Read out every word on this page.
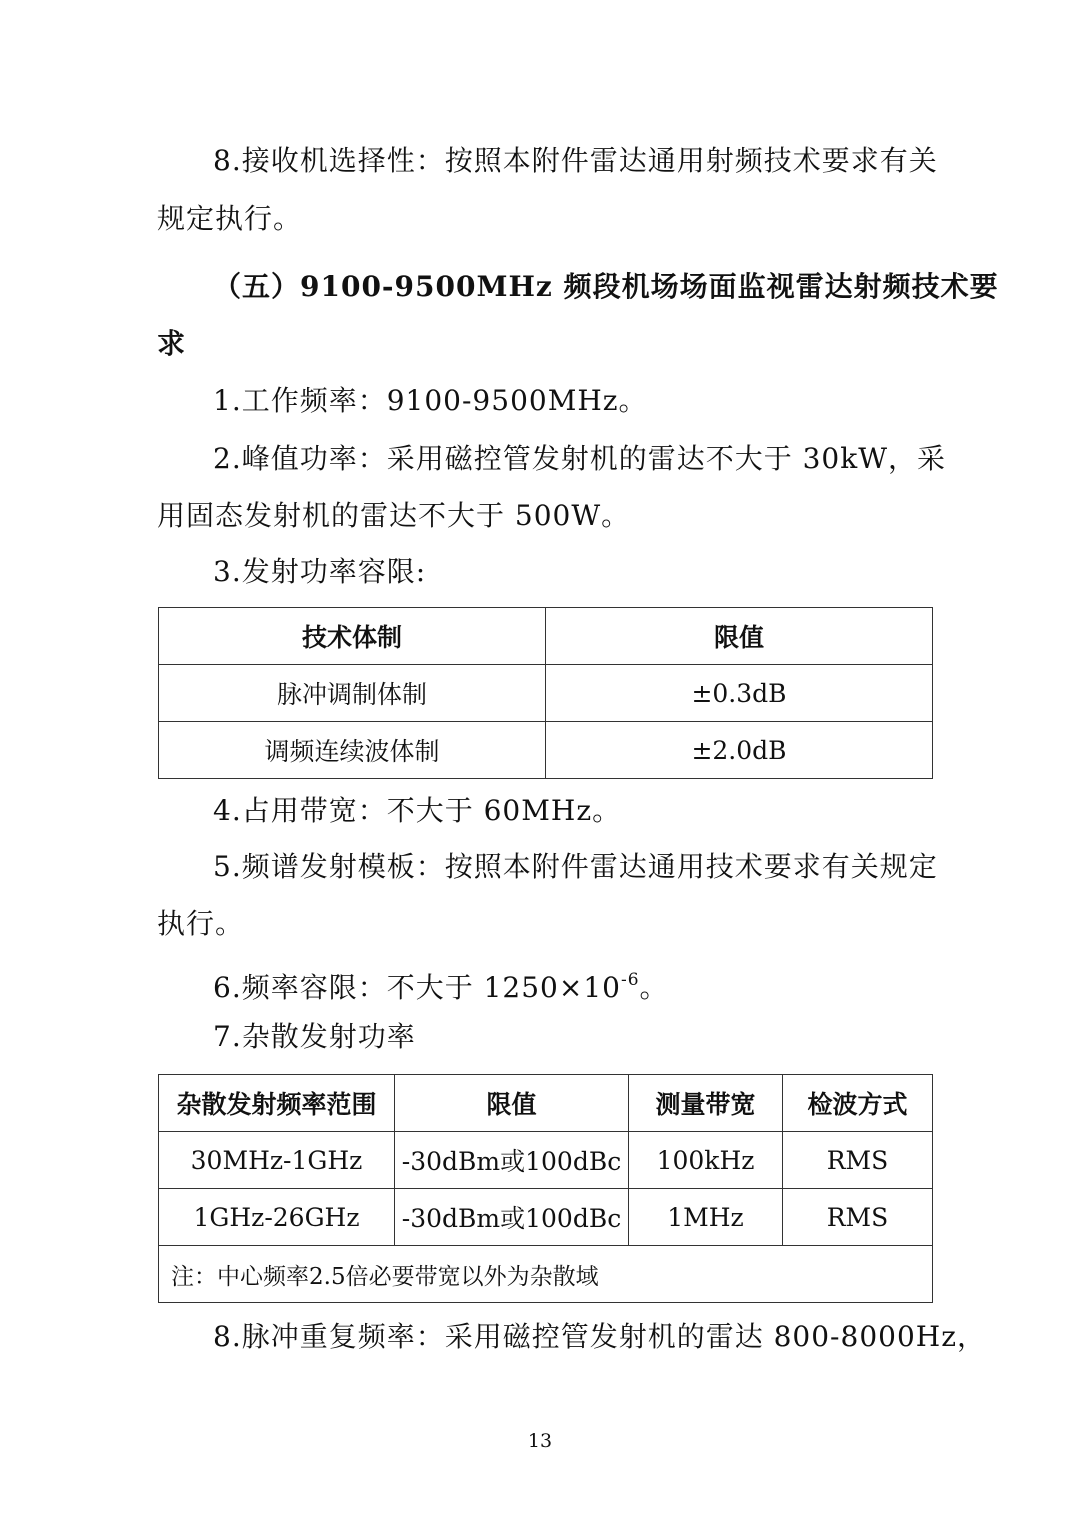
8.接收机选择性：按照本附件雷达通用射频技术要求有关
规定执行。
（五）9100-9500MHz 频段机场场面监视雷达射频技术要
求
1.工作频率：9100-9500MHz。
2.峰值功率：采用磁控管发射机的雷达不大于 30kW，采
用固态发射机的雷达不大于 500W。
3.发射功率容限:
技术体制	限值
脉冲调制体制	±0.3dB
调频连续波体制	±2.0dB
4.占用带宽：不大于 60MHz。
5.频谱发射模板：按照本附件雷达通用技术要求有关规定
执行。
6.频率容限：不大于 $1250\times 10^{-6}$。
7.杂散发射功率
杂散发射频率范围	限值	测量带宽	检波方式
30MHz-1GHz	-30dBm或100dBc	100kHz	RMS
1GHz-26GHz	-30dBm或100dBc	1MHz	RMS
注：中心频率2.5倍必要带宽以外为杂散域			
8.脉冲重复频率：采用磁控管发射机的雷达 800-8000Hz，
13
